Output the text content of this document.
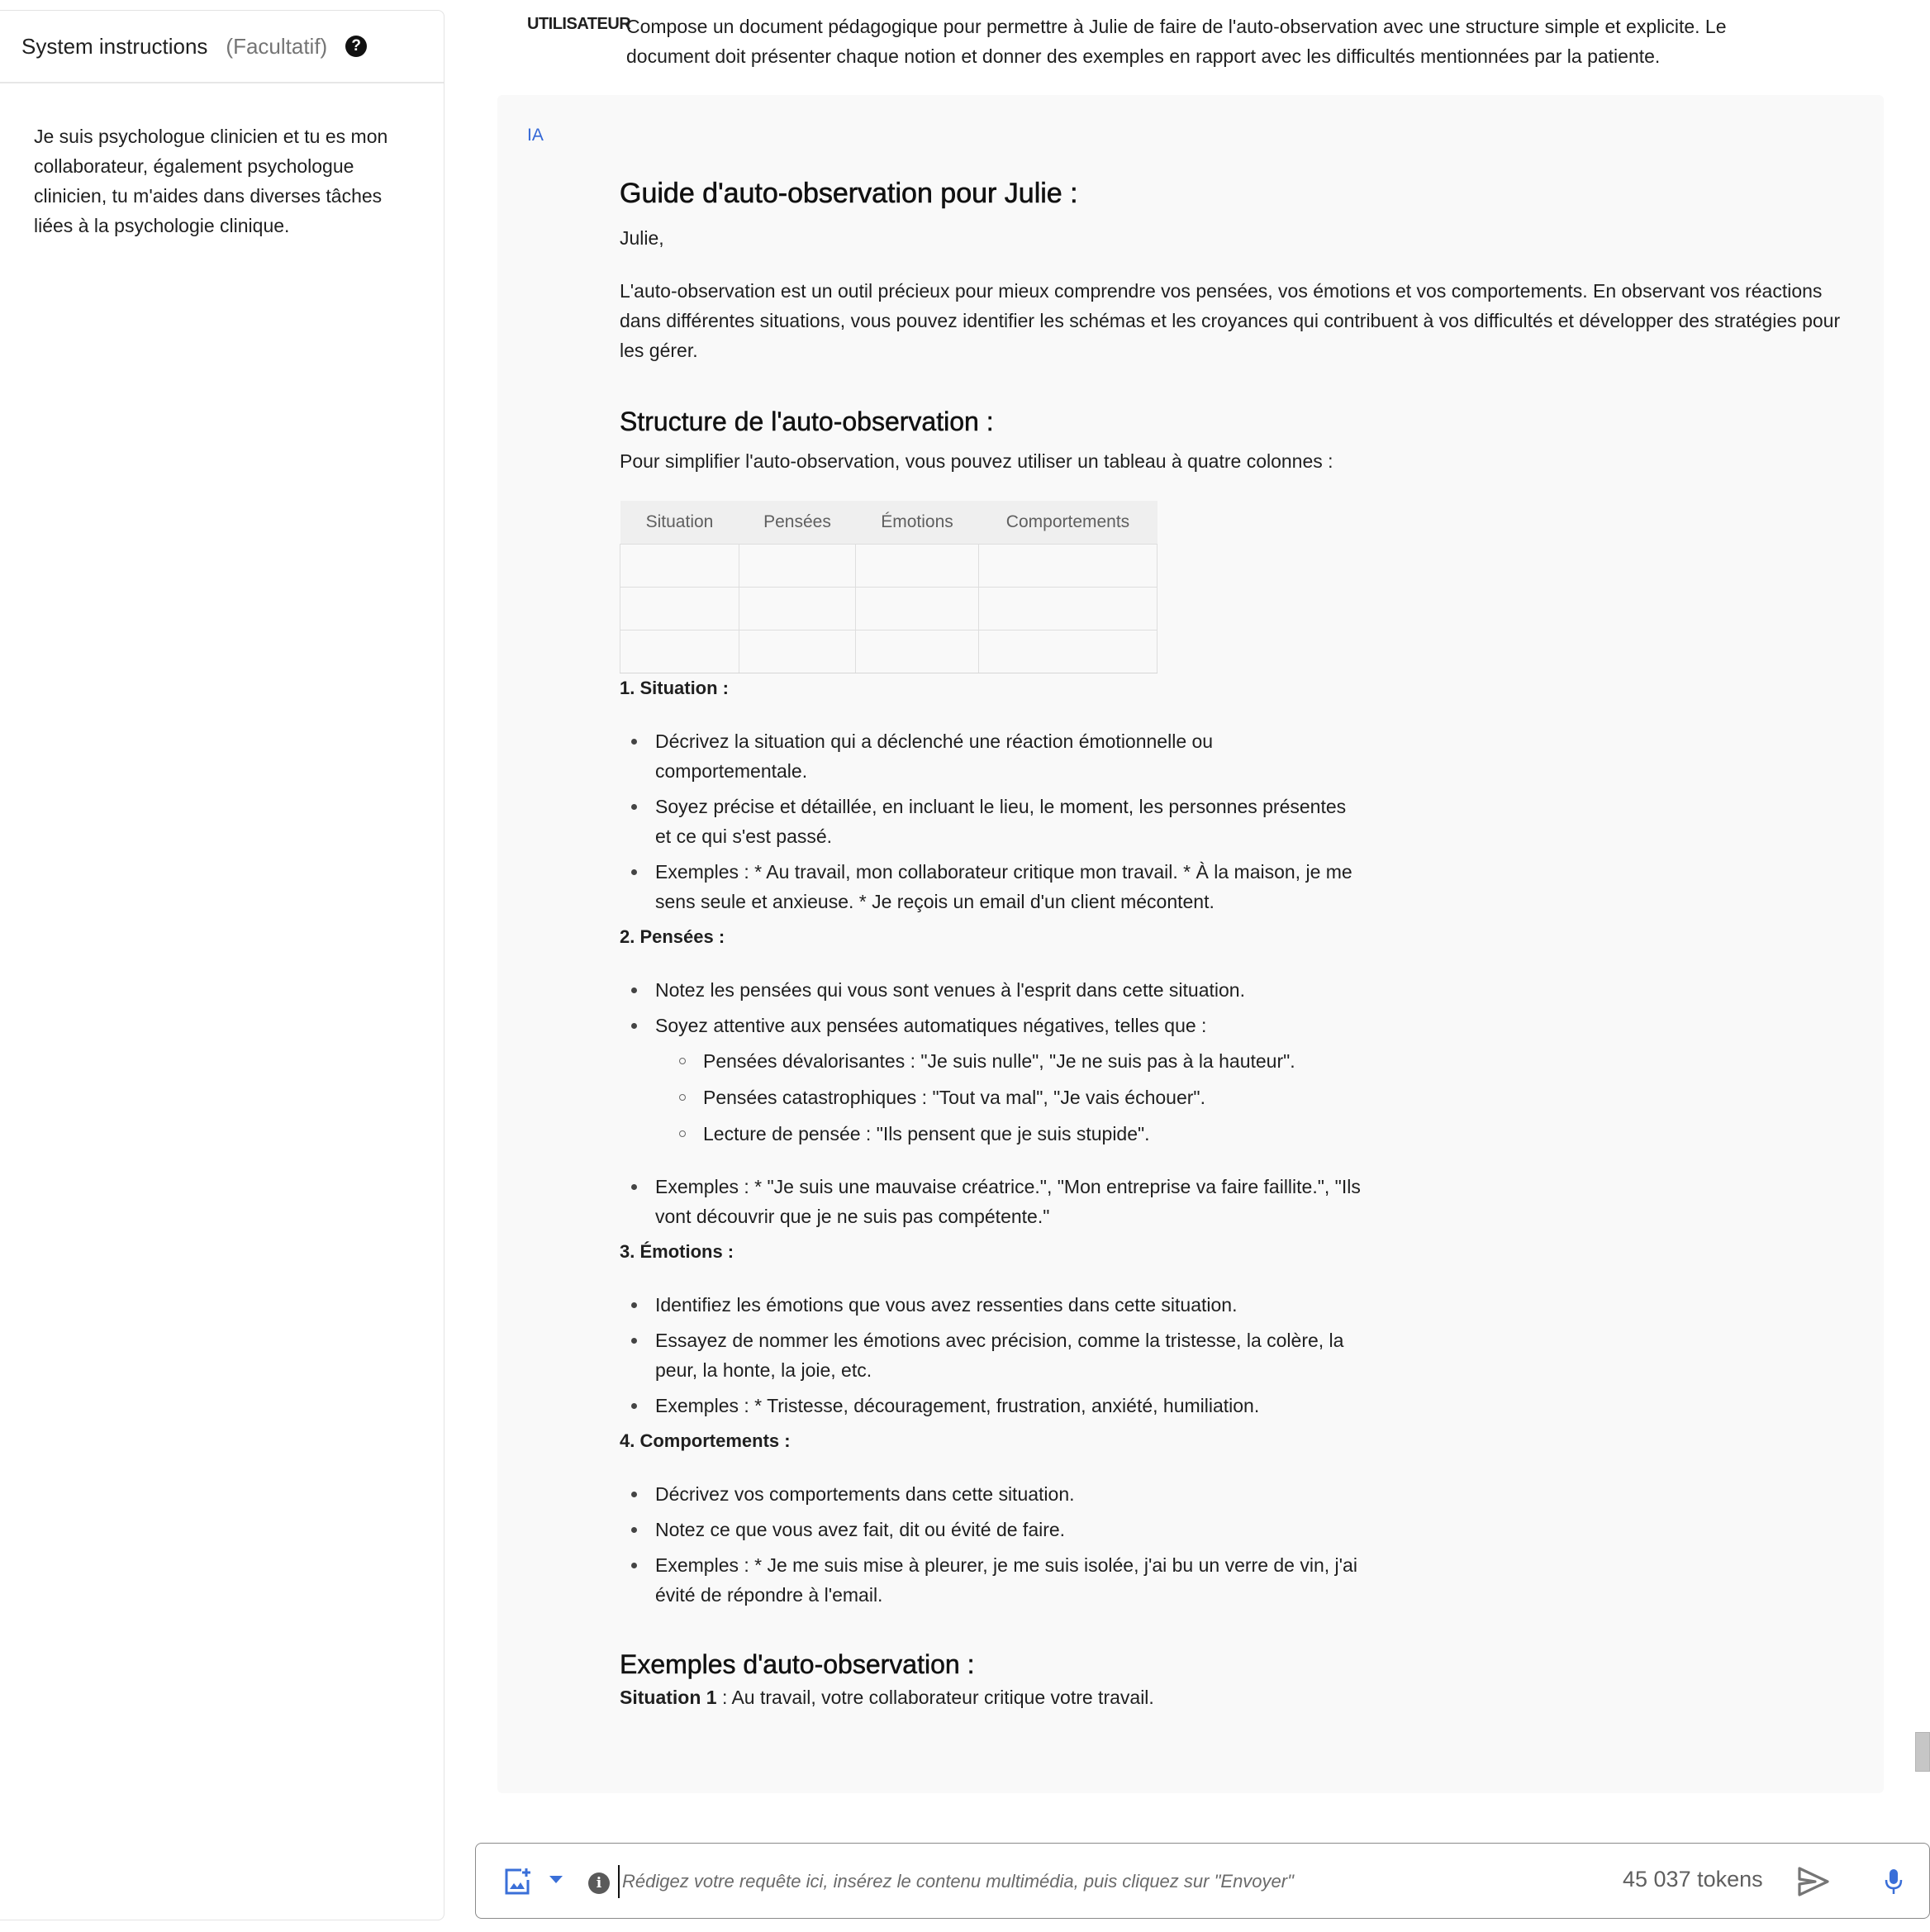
System instructions (Facultatif)	?
Je suis psychologue clinicien et tu es mon collaborateur, également psychologue clinicien, tu m'aides dans diverses tâches liées à la psychologie clinique.
UTILISATEUR
Compose un document pédagogique pour permettre à Julie de faire de l'auto-observation avec une structure simple et explicite. Le document doit présenter chaque notion et donner des exemples en rapport avec les difficultés mentionnées par la patiente.
IA
Guide d'auto-observation pour Julie :

Julie,

L'auto-observation est un outil précieux pour mieux comprendre vos pensées, vos émotions et vos comportements. En observant vos réactions dans différentes situations, vous pouvez identifier les schémas et les croyances qui contribuent à vos difficultés et développer des stratégies pour les gérer.

Structure de l'auto-observation :

Pour simplifier l'auto-observation, vous pouvez utiliser un tableau à quatre colonnes :

Situation	Pensées	Émotions	Comportements

1. Situation :

Décrivez la situation qui a déclenché une réaction émotionnelle ou comportementale.
Soyez précise et détaillée, en incluant le lieu, le moment, les personnes présentes et ce qui s'est passé.
Exemples : * Au travail, mon collaborateur critique mon travail. * À la maison, je me sens seule et anxieuse. * Je reçois un email d'un client mécontent.

2. Pensées :

Notez les pensées qui vous sont venues à l'esprit dans cette situation.
Soyez attentive aux pensées automatiques négatives, telles que :
Pensées dévalorisantes : "Je suis nulle", "Je ne suis pas à la hauteur".
Pensées catastrophiques : "Tout va mal", "Je vais échouer".
Lecture de pensée : "Ils pensent que je suis stupide".
Exemples : * "Je suis une mauvaise créatrice.", "Mon entreprise va faire faillite.", "Ils vont découvrir que je ne suis pas compétente."

3. Émotions :

Identifiez les émotions que vous avez ressenties dans cette situation.
Essayez de nommer les émotions avec précision, comme la tristesse, la colère, la peur, la honte, la joie, etc.
Exemples : * Tristesse, découragement, frustration, anxiété, humiliation.

4. Comportements :

Décrivez vos comportements dans cette situation.
Notez ce que vous avez fait, dit ou évité de faire.
Exemples : * Je me suis mise à pleurer, je me suis isolée, j'ai bu un verre de vin, j'ai évité de répondre à l'email.
Exemples d'auto-observation :

Situation 1 : Au travail, votre collaborateur critique votre travail.

i
Rédigez votre requête ici, insérez le contenu multimédia, puis cliquez sur "Envoyer"	45 037 tokens
